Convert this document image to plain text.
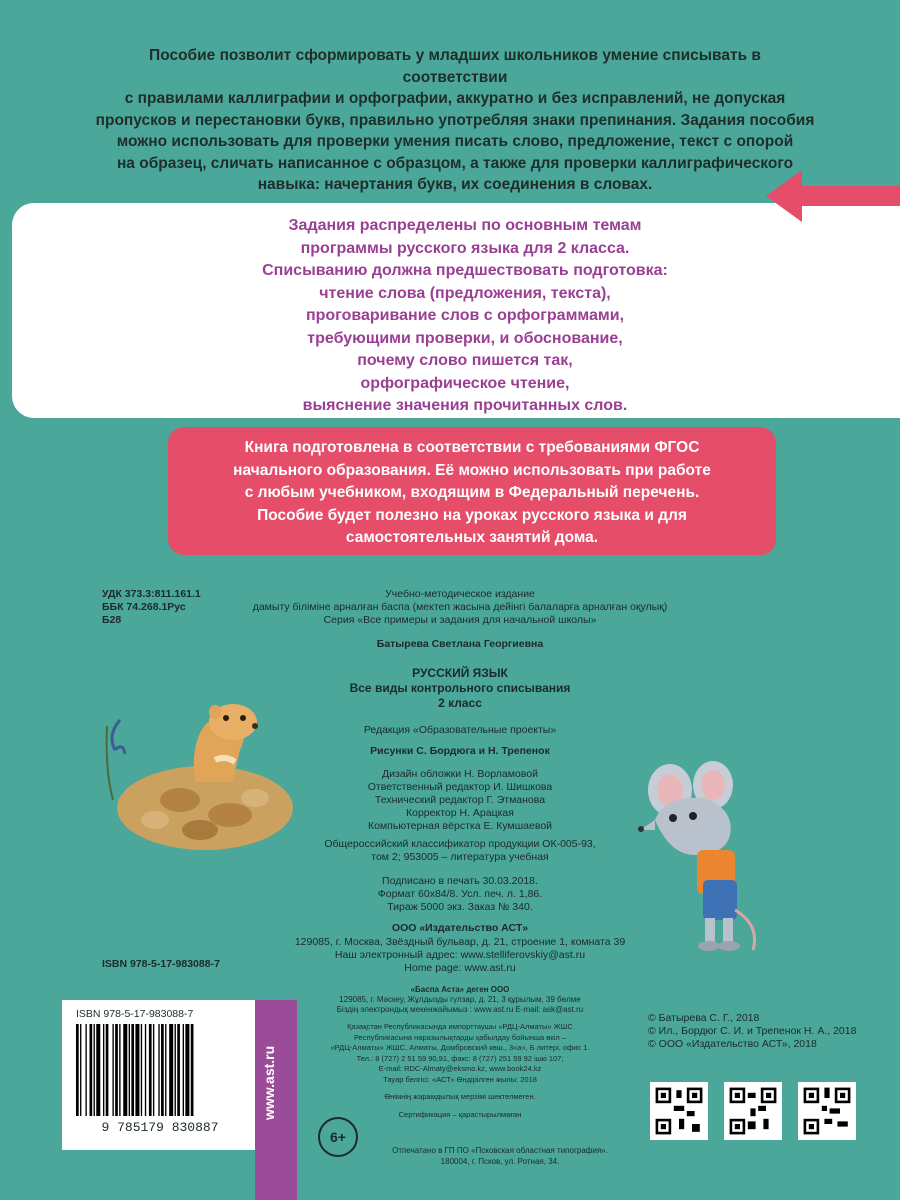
Пособие позволит сформировать у младших школьников умение списывать в соответствии
с правилами каллиграфии и орфографии, аккуратно и без исправлений, не допуская
пропусков и перестановки букв, правильно употребляя знаки препинания. Задания пособия
можно использовать для проверки умения писать слово, предложение, текст с опорой
на образец, сличать написанное с образцом, а также для проверки каллиграфического
навыка: начертания букв, их соединения в словах.
Задания распределены по основным темам
программы русского языка для 2 класса.
Списыванию должна предшествовать подготовка:
чтение слова (предложения, текста),
проговаривание слов с орфограммами,
требующими проверки, и обоснование,
почему слово пишется так,
орфографическое чтение,
выяснение значения прочитанных слов.
Книга подготовлена в соответствии с требованиями ФГОС
начального образования. Её можно использовать при работе
с любым учебником, входящим в Федеральный перечень.
Пособие будет полезно на уроках русского языка и для
самостоятельных занятий дома.
УДК 373.3:811.161.1
ББК 74.268.1Рус
Б28
Учебно-методическое издание
дамыту біліміне арналған баспа (мектеп жасына дейінгі балаларға арналған оқулық)
Серия «Все примеры и задания для начальной школы»
Батырева Светлана Георгиевна
РУССКИЙ ЯЗЫК
Все виды контрольного списывания
2 класс
Редакция «Образовательные проекты»
Рисунки С. Бордюга и Н. Трепенок
Дизайн обложки Н. Ворламовой
Ответственный редактор И. Шишкова
Технический редактор Г. Этманова
Корректор Н. Арацкая
Компьютерная вёрстка Е. Кумшаевой
Общероссийский классификатор продукции ОК-005-93,
том 2; 953005 – литература учебная
Подписано в печать 30.03.2018.
Формат 60x84/8. Усл. печ. л. 1,86.
Тираж 5000 экз. Заказ № 340.
ООО «Издательство АСТ»
129085, г. Москва, Звёздный бульвар, д. 21, строение 1, комната 39
Наш электронный адрес: www.stelliferovskiy@ast.ru
Home page: www.ast.ru
ISBN 978-5-17-983088-7
«Баспа Аста» деген ООО
129085, г. Мәскеу, Жұлдызды гүлзар, д. 21, 3 құрылым, 39 бөлме
Біздің электрондық мекенжайымыз : www.ast.ru E-mail: ask@ast.ru
Қазақстан Республикасында импорттаушы «РДЦ-Алматы» ЖШС
Республикасына наразылықтарды қабылдау бойынша өкіл –
«РДЦ-Алматы» ЖШС, Алматы, Домбровский көш., 3«а», Б литері, офис 1.
Тел.: 8 (727) 2 51 59 90,91, факс: 8 (727) 251 59 92 ішкі 107;
E-mail: RDC-Almaty@eksmo.kz, www.book24.kz
Тауар белгісі: «АСТ» Өндірілген жылы: 2018
Өнімнің жарамдылық мерзімі шектелмеген.
Сертификация – қарастырылмаған
Отпечатано в ГП ПО «Псковская областная типография».
180004, г. Псков, ул. Ротная, 34.
© Батырева С. Г., 2018
© Ил., Бордюг С. И. и Трепенок Н. А., 2018
© ООО «Издательство АСТ», 2018
ISBN 978-5-17-983088-7
9 785179 830887
www.ast.ru
6+
